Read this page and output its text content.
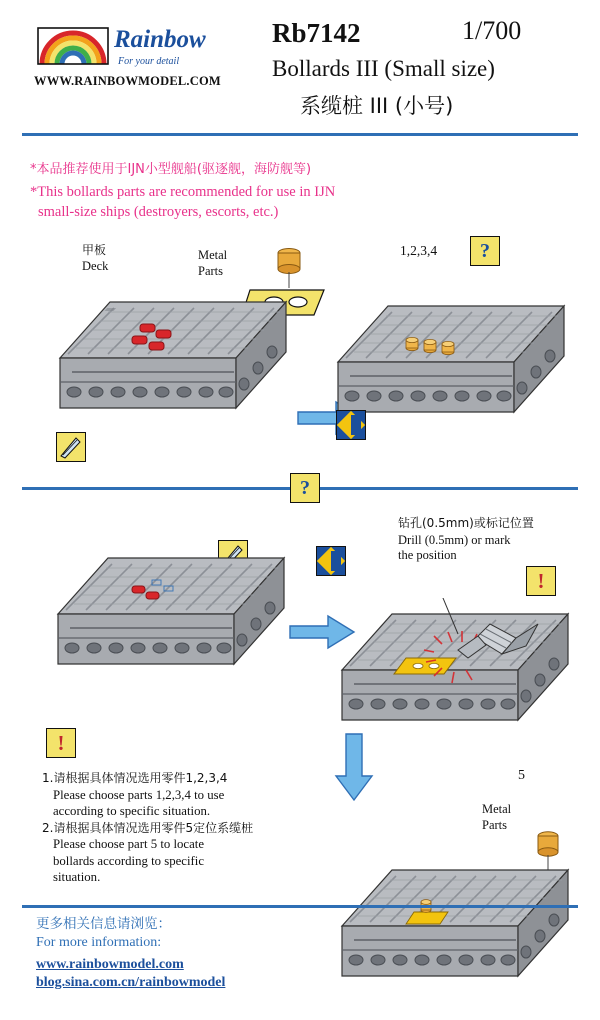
Rainbow
For your detail
WWW.RAINBOWMODEL.COM
Rb7142	1/700
Bollards III (Small size)
系缆桩 III (小号)
*本品推荐使用于IJN小型舰船(驱逐舰，海防舰等)
*This bollards parts are recommended for use in IJN
small-size ships (destroyers, escorts, etc.)
甲板
Deck
Metal
Parts
1,2,3,4	?
?
钻孔(0.5mm)或标记位置
Drill (0.5mm) or mark
the position
!
5
!

1.请根据具体情况选用零件1,2,3,4

Please choose parts 1,2,3,4 to use

according to specific situation.

2.请根据具体情况选用零件5定位系缆桩

Please choose part 5 to locate

bollards according to specific

situation.

Metal
Parts
更多相关信息请浏览：
For more information:
www.rainbowmodel.com
blog.sina.com.cn/rainbowmodel
